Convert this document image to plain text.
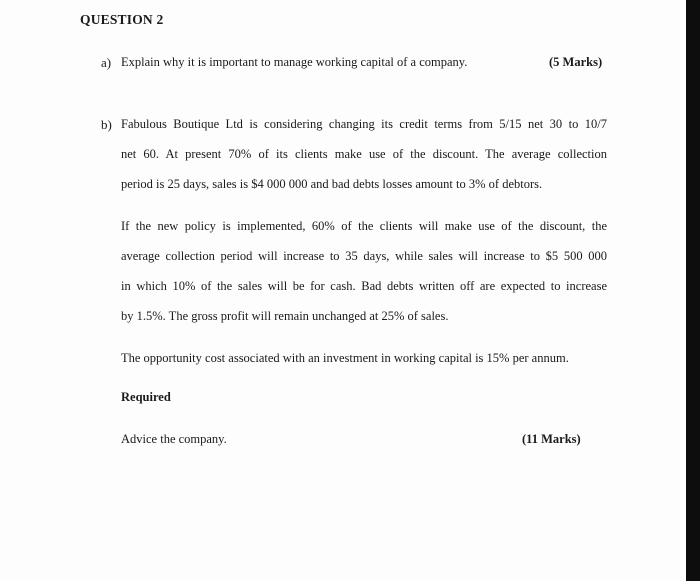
QUESTION 2
a) Explain why it is important to manage working capital of a company.	(5 Marks)
b) Fabulous Boutique Ltd is considering changing its credit terms from 5/15 net 30 to 10/7
net 60. At present 70% of its clients make use of the discount. The average collection
period is 25 days, sales is $4 000 000 and bad debts losses amount to 3% of debtors.
If the new policy is implemented, 60% of the clients will make use of the discount, the
average collection period will increase to 35 days, while sales will increase to $5 500 000
in which 10% of the sales will be for cash. Bad debts written off are expected to increase
by 1.5%. The gross profit will remain unchanged at 25% of sales.
The opportunity cost associated with an investment in working capital is 15% per annum.
Required
Advice the company.	(11 Marks)
